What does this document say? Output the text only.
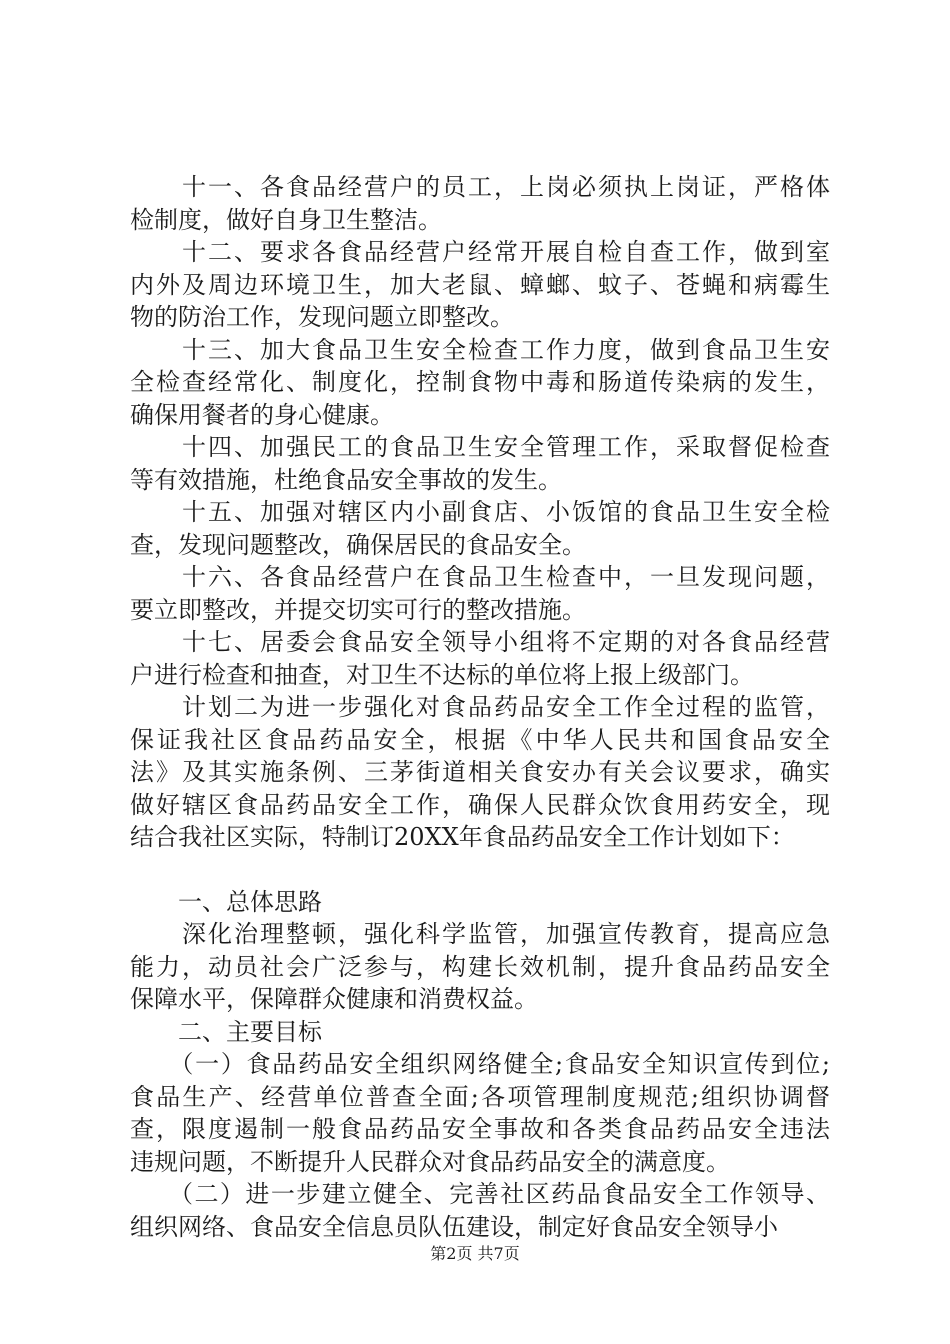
　　十一、各食品经营户的员工，上岗必须执上岗证，严格体
检制度，做好自身卫生整洁。
　　十二、要求各食品经营户经常开展自检自查工作，做到室
内外及周边环境卫生，加大老鼠、蟑螂、蚊子、苍蝇和病霉生
物的防治工作，发现问题立即整改。
　　十三、加大食品卫生安全检查工作力度，做到食品卫生安
全检查经常化、制度化，控制食物中毒和肠道传染病的发生，
确保用餐者的身心健康。
　　十四、加强民工的食品卫生安全管理工作，采取督促检查
等有效措施，杜绝食品安全事故的发生。
　　十五、加强对辖区内小副食店、小饭馆的食品卫生安全检
查，发现问题整改，确保居民的食品安全。
　　十六、各食品经营户在食品卫生检查中，一旦发现问题，
要立即整改，并提交切实可行的整改措施。
　　十七、居委会食品安全领导小组将不定期的对各食品经营
户进行检查和抽查，对卫生不达标的单位将上报上级部门。
　　计划二为进一步强化对食品药品安全工作全过程的监管，
保证我社区食品药品安全，根据《中华人民共和国食品安全
法》及其实施条例、三茅街道相关食安办有关会议要求，确实
做好辖区食品药品安全工作，确保人民群众饮食用药安全，现
结合我社区实际，特制订20XX年食品药品安全工作计划如下：
　　一、总体思路
　　深化治理整顿，强化科学监管，加强宣传教育，提高应急
能力，动员社会广泛参与，构建长效机制，提升食品药品安全
保障水平，保障群众健康和消费权益。
　　二、主要目标
　　（一）食品药品安全组织网络健全;食品安全知识宣传到位;
食品生产、经营单位普查全面;各项管理制度规范;组织协调督
查，限度遏制一般食品药品安全事故和各类食品药品安全违法
违规问题，不断提升人民群众对食品药品安全的满意度。
　　（二）进一步建立健全、完善社区药品食品安全工作领导、
组织网络、食品安全信息员队伍建设，制定好食品安全领导小
第2页 共7页
